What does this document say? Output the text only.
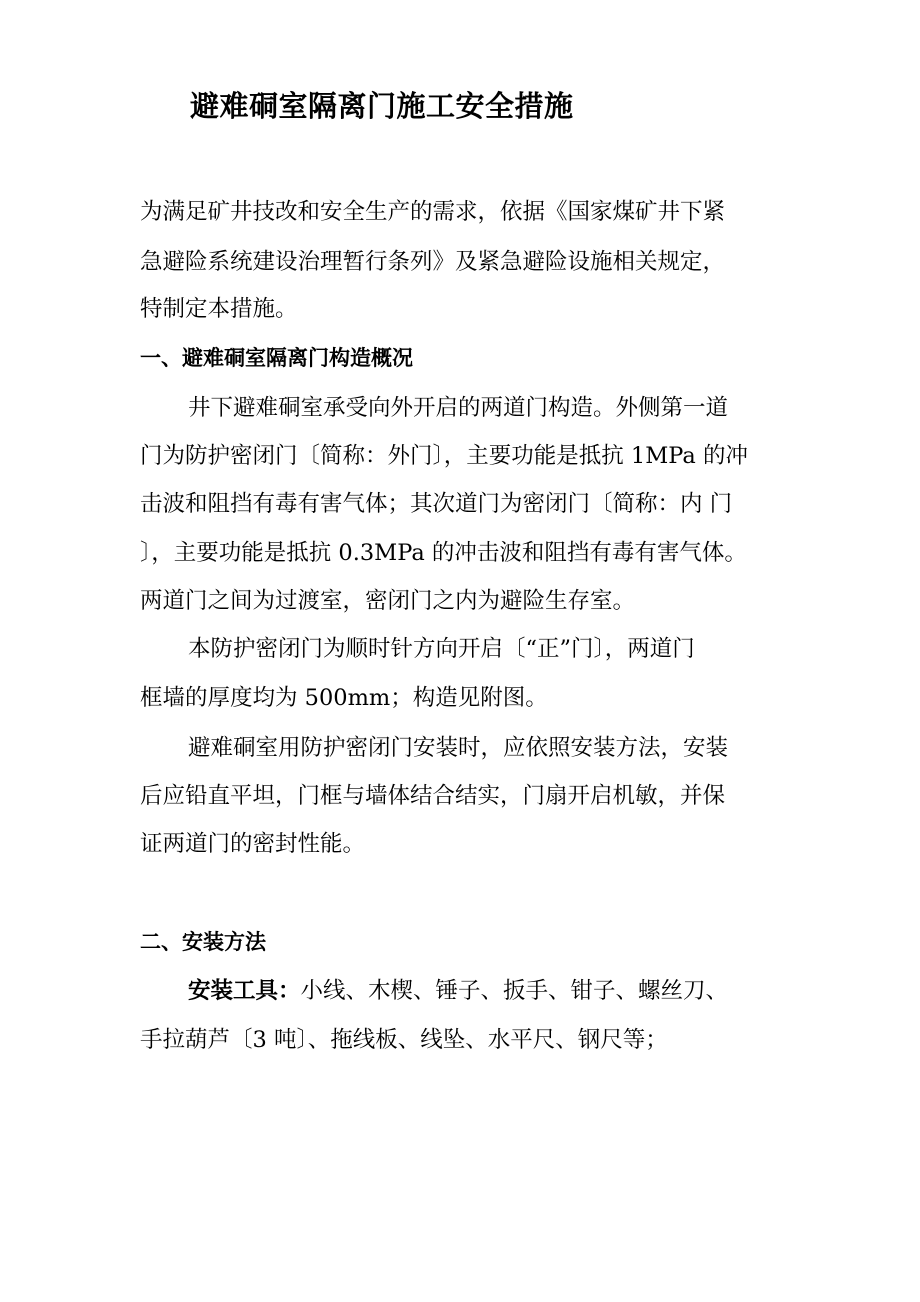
避难硐室隔离门施工安全措施
为满足矿井技改和安全生产的需求，依据《国家煤矿井下紧
急避险系统建设治理暂行条列》及紧急避险设施相关规定，
特制定本措施。
一、避难硐室隔离门构造概况
井下避难硐室承受向外开启的两道门构造。外侧第一道
门为防护密闭门〔简称：外门〕，主要功能是抵抗 1MPa 的冲
击波和阻挡有毒有害气体；其次道门为密闭门〔简称：内 门
〕，主要功能是抵抗 0.3MPa 的冲击波和阻挡有毒有害气体。
两道门之间为过渡室，密闭门之内为避险生存室。
本防护密闭门为顺时针方向开启〔“正”门〕，两道门
框墙的厚度均为 500mm；构造见附图。
避难硐室用防护密闭门安装时，应依照安装方法，安装
后应铅直平坦，门框与墙体结合结实，门扇开启机敏，并保
证两道门的密封性能。
二、安装方法
安装工具：小线、木楔、锤子、扳手、钳子、螺丝刀、
手拉葫芦〔3 吨〕、拖线板、线坠、水平尺、钢尺等；
